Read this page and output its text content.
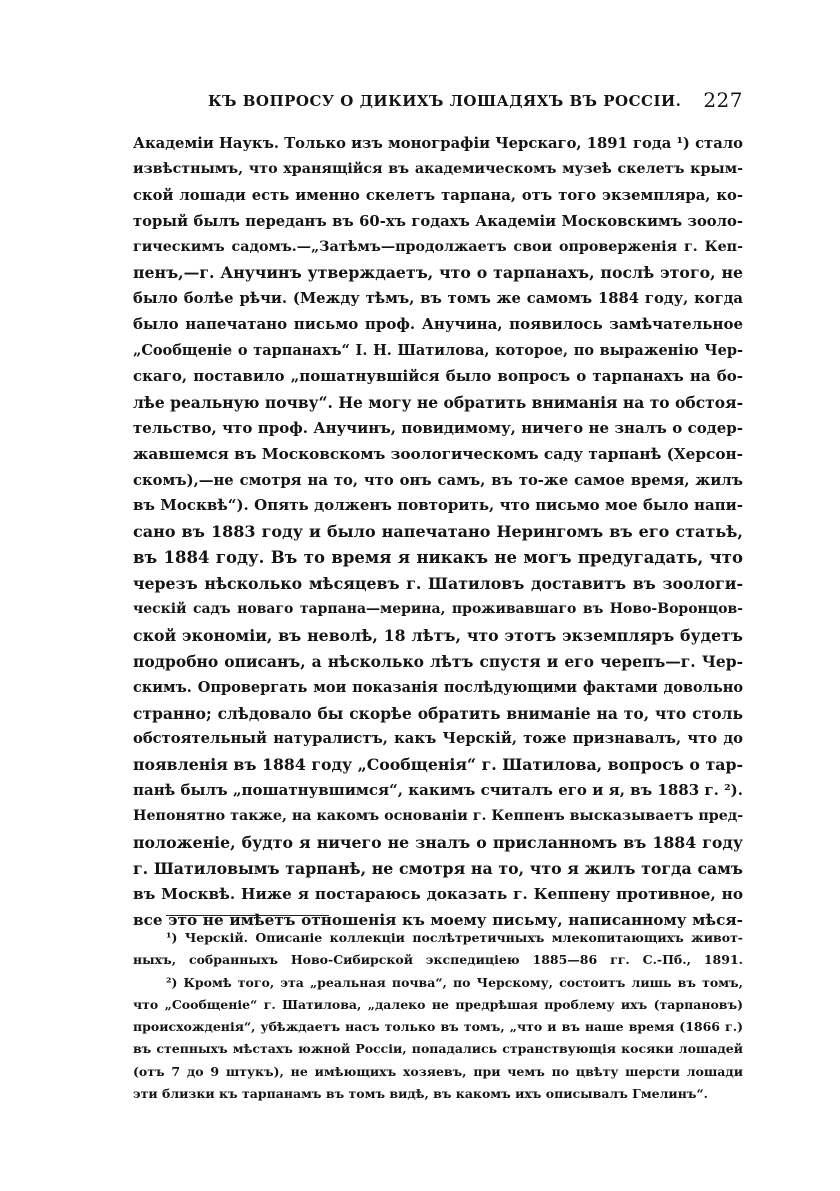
КЪ ВОПРОСУ О ДИКИХЪ ЛОШАДЯХЪ ВЪ РОССІИ. 227
Академіи Наукъ. Только изъ монографіи Черскаго, 1891 года ¹) стало
извѣстнымъ, что хранящійся въ академическомъ музеѣ скелетъ крым-
ской лошади есть именно скелетъ тарпана, отъ того экземпляра, ко-
торый былъ переданъ въ 60-хъ годахъ Академіи Московскимъ зооло-
гическимъ садомъ.—„Затѣмъ—продолжаетъ свои опроверженія г. Кеп-
пенъ,—г. Анучинъ утверждаетъ, что о тарпанахъ, послѣ этого, не
было болѣе рѣчи. (Между тѣмъ, въ томъ же самомъ 1884 году, когда
было напечатано письмо проф. Анучина, появилось замѣчательное
„Сообщеніе о тарпанахъ“ І. Н. Шатилова, которое, по выраженію Чер-
скаго, поставило „пошатнувшійся было вопросъ о тарпанахъ на бо-
лѣе реальную почву“. Не могу не обратить вниманія на то обстоя-
тельство, что проф. Анучинъ, повидимому, ничего не зналъ о содер-
жавшемся въ Московскомъ зоологическомъ саду тарпанѣ (Херсон-
скомъ),—не смотря на то, что онъ самъ, въ то-же самое время, жилъ
въ Москвѣ“). Опять долженъ повторить, что письмо мое было напи-
сано въ 1883 году и было напечатано Нерингомъ въ его статьѣ,
въ 1884 году. Въ то время я никакъ не могъ предугадать, что
черезъ нѣсколько мѣсяцевъ г. Шатиловъ доставитъ въ зоологи-
ческій садъ новаго тарпана—мерина, проживавшаго въ Ново-Воронцов-
ской экономіи, въ неволѣ, 18 лѣтъ, что этотъ экземпляръ будетъ
подробно описанъ, а нѣсколько лѣтъ спустя и его черепъ—г. Чер-
скимъ. Опровергать мои показанія послѣдующими фактами довольно
странно; слѣдовало бы скорѣе обратить вниманіе на то, что столь
обстоятельный натуралистъ, какъ Черскій, тоже признавалъ, что до
появленія въ 1884 году „Сообщенія“ г. Шатилова, вопросъ о тар-
панѣ былъ „пошатнувшимся“, какимъ считалъ его и я, въ 1883 г. ²).
Непонятно также, на какомъ основаніи г. Кеппенъ высказываетъ пред-
положеніе, будто я ничего не зналъ о присланномъ въ 1884 году
г. Шатиловымъ тарпанѣ, не смотря на то, что я жилъ тогда самъ
въ Москвѣ. Ниже я постараюсь доказать г. Кеппену противное, но
все это не имѣетъ отношенія къ моему письму, написанному мѣся-
¹) Черскій. Описаніе коллекціи послѣтретичныхъ млекопитающихъ живот-
ныхъ, собранныхъ Ново-Сибирской экспедиціею 1885—86 гг. С.-Пб., 1891.
²) Кромѣ того, эта „реальная почва“, по Черскому, состоитъ лишь въ томъ,
что „Сообщеніе“ г. Шатилова, „далеко не предрѣшая проблему ихъ (тарпановъ)
происхожденія“, убѣждаетъ насъ только въ томъ, „что и въ наше время (1866 г.)
въ степныхъ мѣстахъ южной Россіи, попадались странствующія косяки лошадей
(отъ 7 до 9 штукъ), не имѣющихъ хозяевъ, при чемъ по цвѣту шерсти лошади
эти близки къ тарпанамъ въ томъ видѣ, въ какомъ ихъ описывалъ Гмелинъ“.
